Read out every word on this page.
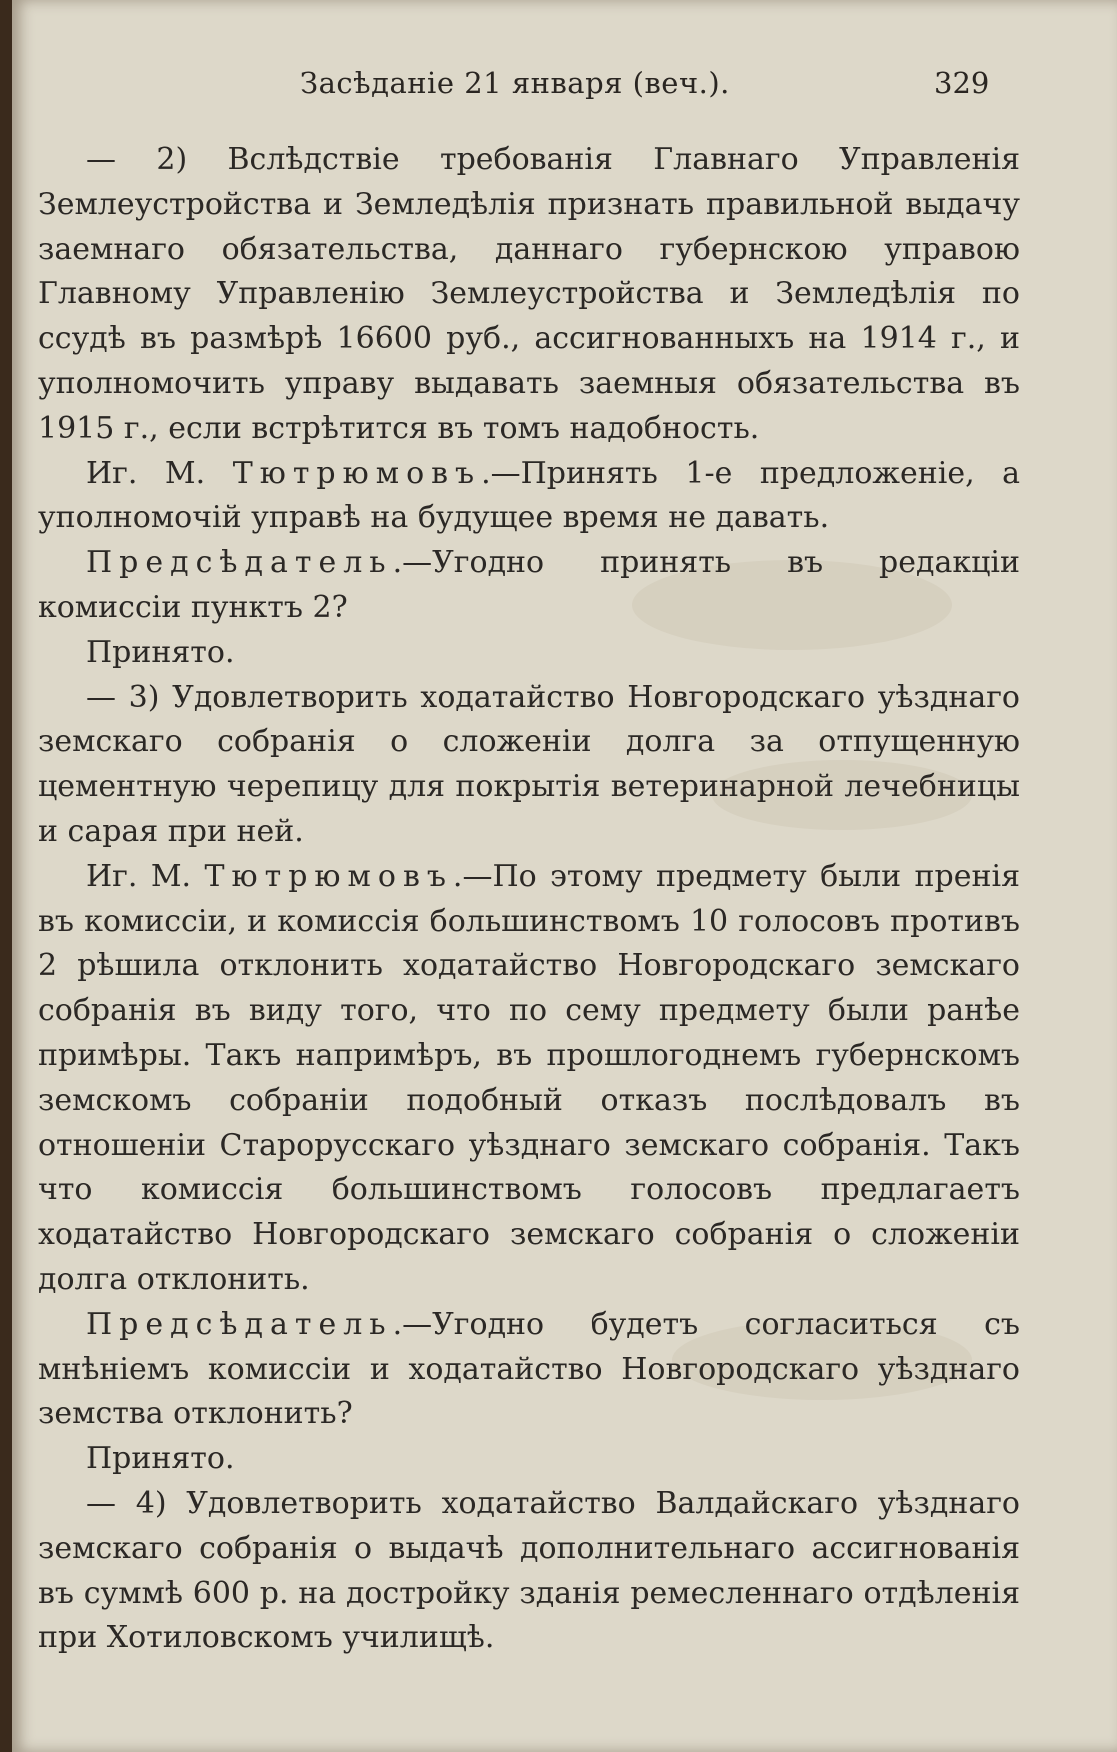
Засѣданіе 21 января (веч.).	329

— 2) Вслѣдствіе требованія Главнаго Управленія Землеустройства и Земледѣлія признать правильной выдачу заемнаго обязательства, даннаго губернскою управою Главному Управленію Землеустройства и Земледѣлія по ссудѣ въ размѣрѣ 16600 руб., ассигнованныхъ на 1914 г., и уполномочить управу выдавать заемныя обязательства въ 1915 г., если встрѣтится въ томъ надобность.

Иг. М. Тютрюмовъ.—Принять 1-е предложеніе, а уполномочій управѣ на будущее время не давать.

Предсѣдатель.—Угодно принять въ редакціи комиссіи пунктъ 2?

Принято.

— 3) Удовлетворить ходатайство Новгородскаго уѣзднаго земскаго собранія о сложеніи долга за отпущенную цементную черепицу для покрытія ветеринарной лечебницы и сарая при ней.

Иг. М. Тютрюмовъ.—По этому предмету были пренія въ комиссіи, и комиссія большинствомъ 10 голосовъ противъ 2 рѣшила отклонить ходатайство Новгородскаго земскаго собранія въ виду того, что по сему предмету были ранѣе примѣры. Такъ напримѣръ, въ прошлогоднемъ губернскомъ земскомъ собраніи подобный отказъ послѣдовалъ въ отношеніи Старорусскаго уѣзднаго земскаго собранія. Такъ что комиссія большинствомъ голосовъ предлагаетъ ходатайство Новгородскаго земскаго собранія о сложеніи долга отклонить.

Предсѣдатель.—Угодно будетъ согласиться съ мнѣніемъ комиссіи и ходатайство Новгородскаго уѣзднаго земства отклонить?

Принято.

— 4) Удовлетворить ходатайство Валдайскаго уѣзднаго земскаго собранія о выдачѣ дополнительнаго ассигнованія въ суммѣ 600 р. на достройку зданія ремесленнаго отдѣленія при Хотиловскомъ училищѣ.
